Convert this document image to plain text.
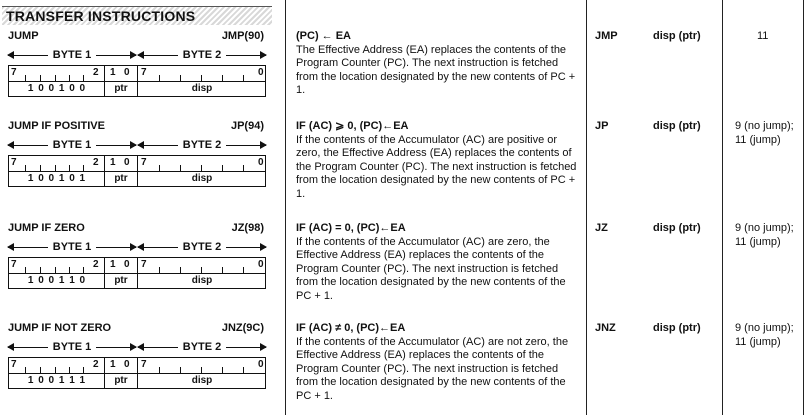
TRANSFER INSTRUCTIONS
JUMP	JMP(90)
BYTE 1	BYTE 2
7	2 1 0 7	0
1 0 0 1 0 0	ptr	disp
(PC) ← EA
The Effective Address (EA) replaces the contents of the Program Counter (PC). The next instruction is fetched from the location designated by the new contents of PC + 1.
JMP	disp (ptr)	11
JUMP IF POSITIVE	JP(94)
BYTE 1	BYTE 2
7	2 1 0 7	0
1 0 0 1 0 1	ptr	disp
IF (AC) ⩾ 0, (PC)←EA
If the contents of the Accumulator (AC) are positive or zero, the Effective Address (EA) replaces the contents of the Program Counter (PC). The next instruction is fetched from the location designated by the new contents of PC + 1.
JP	disp (ptr)	9 (no jump);
11 (jump)
JUMP IF ZERO	JZ(98)
BYTE 1	BYTE 2
7	2 1 0 7	0
1 0 0 1 1 0	ptr	disp
IF (AC) = 0, (PC)←EA
If the contents of the Accumulator (AC) are zero, the Effective Address (EA) replaces the contents of the Program Counter (PC). The next instruction is fetched from the location designated by the new contents of the PC + 1.
JZ	disp (ptr)	9 (no jump);
11 (jump)
JUMP IF NOT ZERO	JNZ(9C)
BYTE 1	BYTE 2
7	2 1 0 7	0
1 0 0 1 1 1	ptr	disp
IF (AC) ≠ 0, (PC)←EA
If the contents of the Accumulator (AC) are not zero, the Effective Address (EA) replaces the contents of the Program Counter (PC). The next instruction is fetched from the location designated by the new contents of the PC + 1.
JNZ	disp (ptr)	9 (no jump);
11 (jump)
